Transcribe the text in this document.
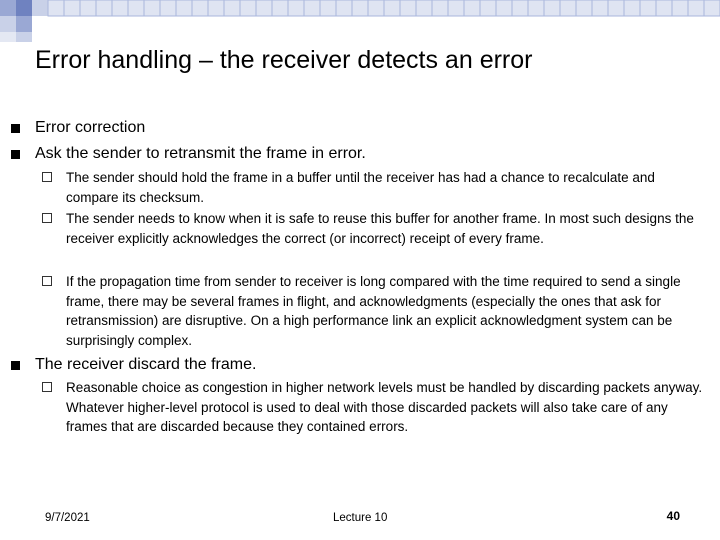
Error handling – the receiver detects an error
Error correction
Ask the sender to retransmit the frame in error.
The sender should hold the frame in a buffer until the receiver has had a chance to recalculate and compare its checksum.
The sender needs to know when it is safe to reuse this buffer for another frame. In most such designs the receiver explicitly acknowledges the correct (or incorrect) receipt of every frame.
If the propagation time from sender to receiver is long compared with the time required to send a single frame, there may be several frames in flight, and acknowledgments (especially the ones that ask for retransmission) are disruptive. On a high performance link an explicit acknowledgment system can be surprisingly complex.
The receiver discard the frame.
Reasonable choice as congestion in higher network levels must be handled by discarding packets anyway. Whatever higher-level protocol is used to deal with those discarded packets will also take care of any frames that are discarded because they contained errors.
9/7/2021	Lecture 10	40
